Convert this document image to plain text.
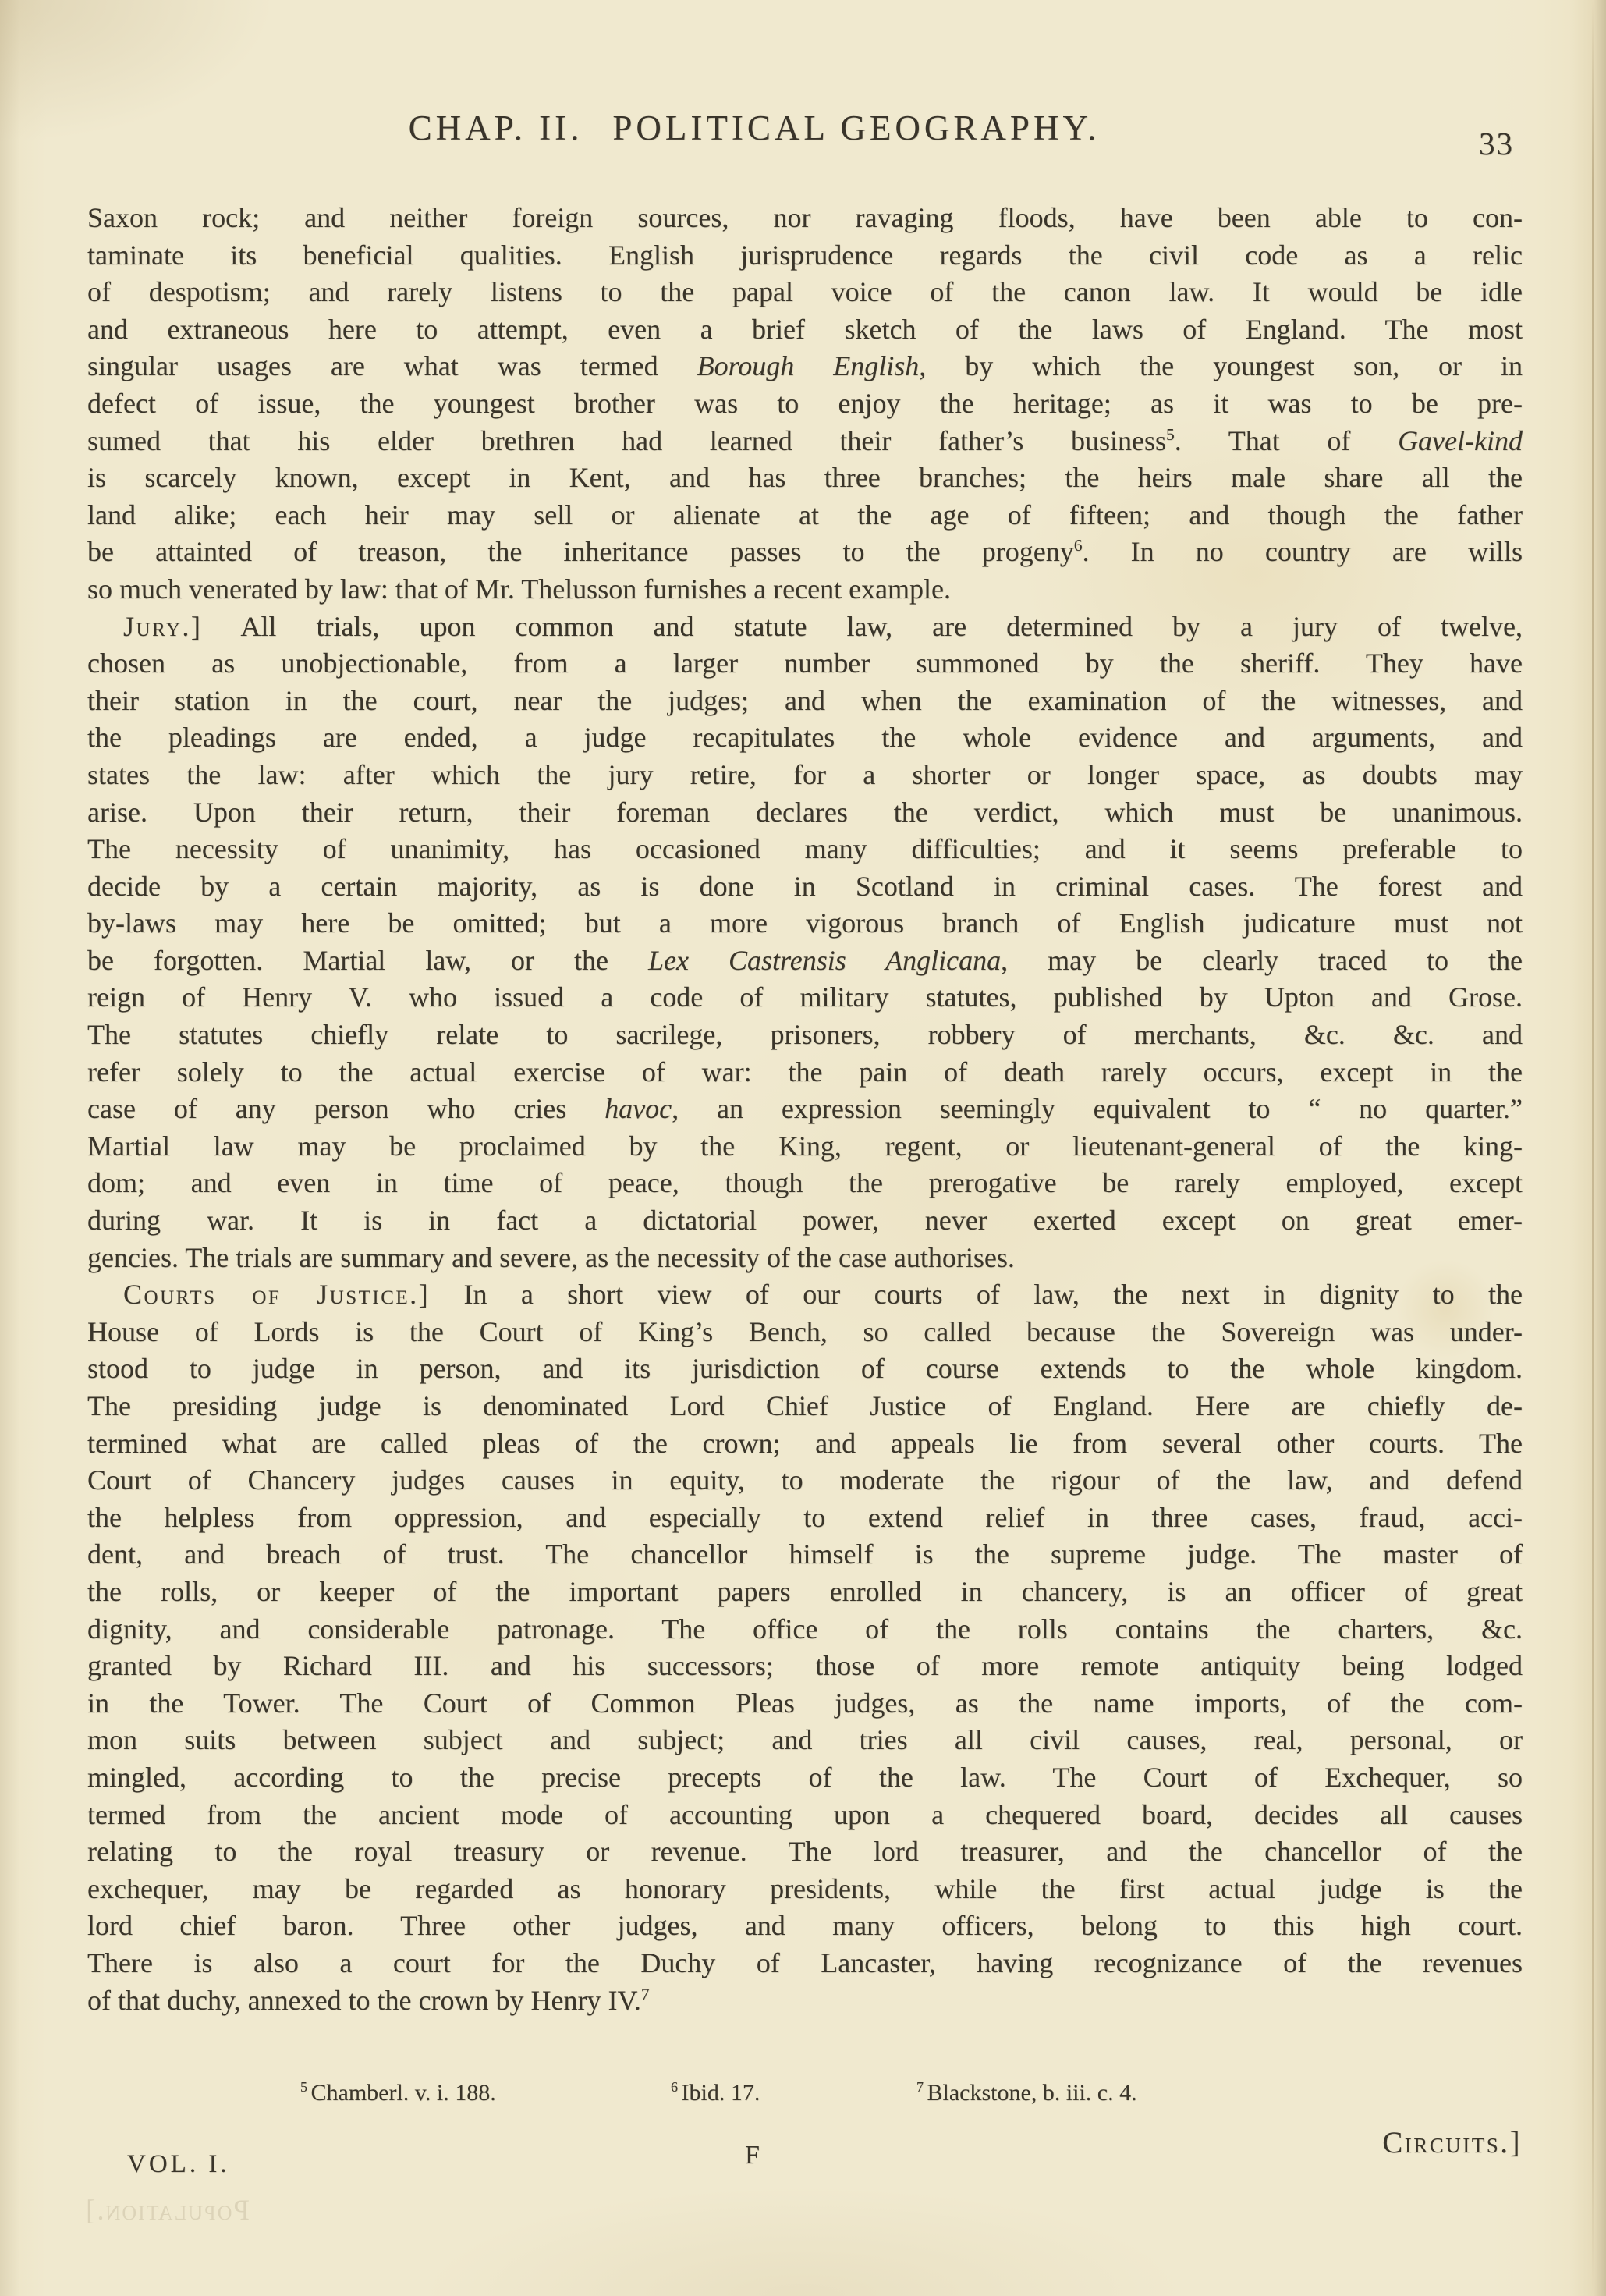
CHAP. II. POLITICAL GEOGRAPHY.	33
Saxon rock; and neither foreign sources, nor ravaging floods, have been able to con-
taminate its beneficial qualities. English jurisprudence regards the civil code as a relic
of despotism; and rarely listens to the papal voice of the canon law. It would be idle
and extraneous here to attempt, even a brief sketch of the laws of England. The most
singular usages are what was termed Borough English, by which the youngest son, or in
defect of issue, the youngest brother was to enjoy the heritage; as it was to be pre-
sumed that his elder brethren had learned their father’s business$^5$. That of Gavel-kind
is scarcely known, except in Kent, and has three branches; the heirs male share all the
land alike; each heir may sell or alienate at the age of fifteen; and though the father
be attainted of treason, the inheritance passes to the progeny$^6$. In no country are wills
so much venerated by law: that of Mr. Thelusson furnishes a recent example.
Jury.] All trials, upon common and statute law, are determined by a jury of twelve,
chosen as unobjectionable, from a larger number summoned by the sheriff. They have
their station in the court, near the judges; and when the examination of the witnesses, and
the pleadings are ended, a judge recapitulates the whole evidence and arguments, and
states the law: after which the jury retire, for a shorter or longer space, as doubts may
arise. Upon their return, their foreman declares the verdict, which must be unanimous.
The necessity of unanimity, has occasioned many difficulties; and it seems preferable to
decide by a certain majority, as is done in Scotland in criminal cases. The forest and
by-laws may here be omitted; but a more vigorous branch of English judicature must not
be forgotten. Martial law, or the Lex Castrensis Anglicana, may be clearly traced to the
reign of Henry V. who issued a code of military statutes, published by Upton and Grose.
The statutes chiefly relate to sacrilege, prisoners, robbery of merchants, &c. &c. and
refer solely to the actual exercise of war: the pain of death rarely occurs, except in the
case of any person who cries havoc, an expression seemingly equivalent to “ no quarter.”
Martial law may be proclaimed by the King, regent, or lieutenant-general of the king-
dom; and even in time of peace, though the prerogative be rarely employed, except
during war. It is in fact a dictatorial power, never exerted except on great emer-
gencies. The trials are summary and severe, as the necessity of the case authorises.
Courts of Justice.] In a short view of our courts of law, the next in dignity to the
House of Lords is the Court of King’s Bench, so called because the Sovereign was under-
stood to judge in person, and its jurisdiction of course extends to the whole kingdom.
The presiding judge is denominated Lord Chief Justice of England. Here are chiefly de-
termined what are called pleas of the crown; and appeals lie from several other courts. The
Court of Chancery judges causes in equity, to moderate the rigour of the law, and defend
the helpless from oppression, and especially to extend relief in three cases, fraud, acci-
dent, and breach of trust. The chancellor himself is the supreme judge. The master of
the rolls, or keeper of the important papers enrolled in chancery, is an officer of great
dignity, and considerable patronage. The office of the rolls contains the charters, &c.
granted by Richard III. and his successors; those of more remote antiquity being lodged
in the Tower. The Court of Common Pleas judges, as the name imports, of the com-
mon suits between subject and subject; and tries all civil causes, real, personal, or
mingled, according to the precise precepts of the law. The Court of Exchequer, so
termed from the ancient mode of accounting upon a chequered board, decides all causes
relating to the royal treasury or revenue. The lord treasurer, and the chancellor of the
exchequer, may be regarded as honorary presidents, while the first actual judge is the
lord chief baron. Three other judges, and many officers, belong to this high court.
There is also a court for the Duchy of Lancaster, having recognizance of the revenues
of that duchy, annexed to the crown by Henry IV.$^7$
$^5$ Chamberl. v. i. 188.	$^6$ Ibid. 17.	$^7$ Blackstone, b. iii. c. 4.
VOL. I.	F	Circuits.]
Population.]
